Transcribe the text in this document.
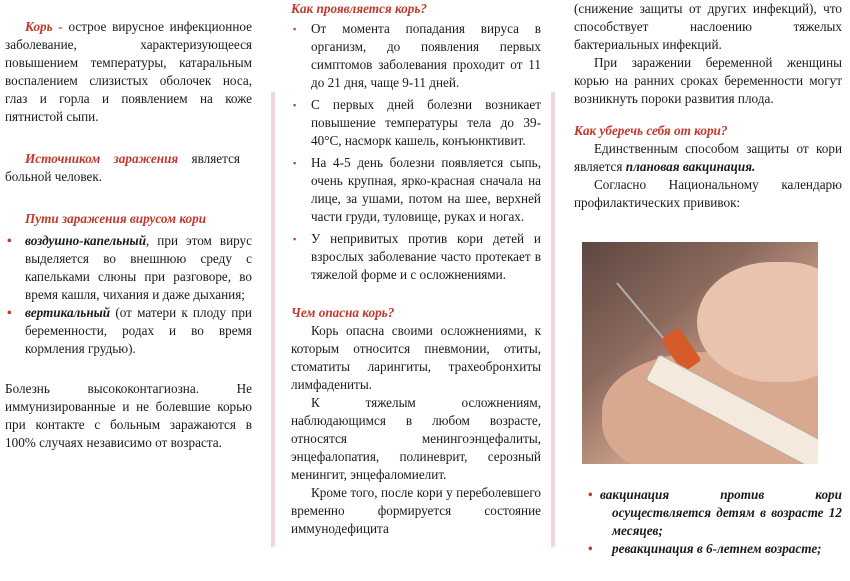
Корь - острое вирусное инфекционное заболевание, характеризующееся повышением температуры, катаральным воспалением слизистых оболочек носа, глаз и горла и появлением на коже пятнистой сыпи.

Источником заражения является больной человек.

Пути заражения вирусом кори

• воздушно-капельный, при этом вирус выделяется во внешнюю среду с капельками слюны при разговоре, во время кашля, чихания и даже дыхания;
• вертикальный (от матери к плоду при беременности, родах и во время кормления грудью).

Болезнь высококонтагиозна. Не иммунизированные и не болевшие корью при контакте с больным заражаются в 100% случаях независимо от возраста.

Как проявляется корь?

▪ От момента попадания вируса в организм, до появления первых симптомов заболевания проходит от 11 до 21 дня, чаще 9-11 дней.
▪ С первых дней болезни возникает повышение температуры тела до 39-40°С, насморк кашель, конъюнктивит.
▪ На 4-5 день болезни появляется сыпь, очень крупная, ярко-красная сначала на лице, за ушами, потом на шее, верхней части груди, туловище, руках и ногах.
▪ У непривитых против кори детей и взрослых заболевание часто протекает в тяжелой форме и с осложнениями.

Чем опасна корь?

Корь опасна своими осложнениями, к которым относится пневмонии, отиты, стоматиты ларингиты, трахеобронхиты лимфадениты.

К тяжелым осложнениям, наблюдающимся в любом возрасте, относятся менингоэнцефалиты, энцефалопатия, полиневрит, серозный менингит, энцефаломиелит.

Кроме того, после кори у переболевшего временно формируется состояние иммунодефицита

(снижение защиты от других инфекций), что способствует наслоению тяжелых бактериальных инфекций.

При заражении беременной женщины корью на ранних сроках беременности могут возникнуть пороки развития плода.

Как уберечь себя от кори?

Единственным способом защиты от кори является плановая вакцинация.

Согласно Национальному календарю профилактических прививок:

• вакцинация против кори осуществляется детям в возрасте 12 месяцев;
• ревакцинация в 6-летнем возрасте;
